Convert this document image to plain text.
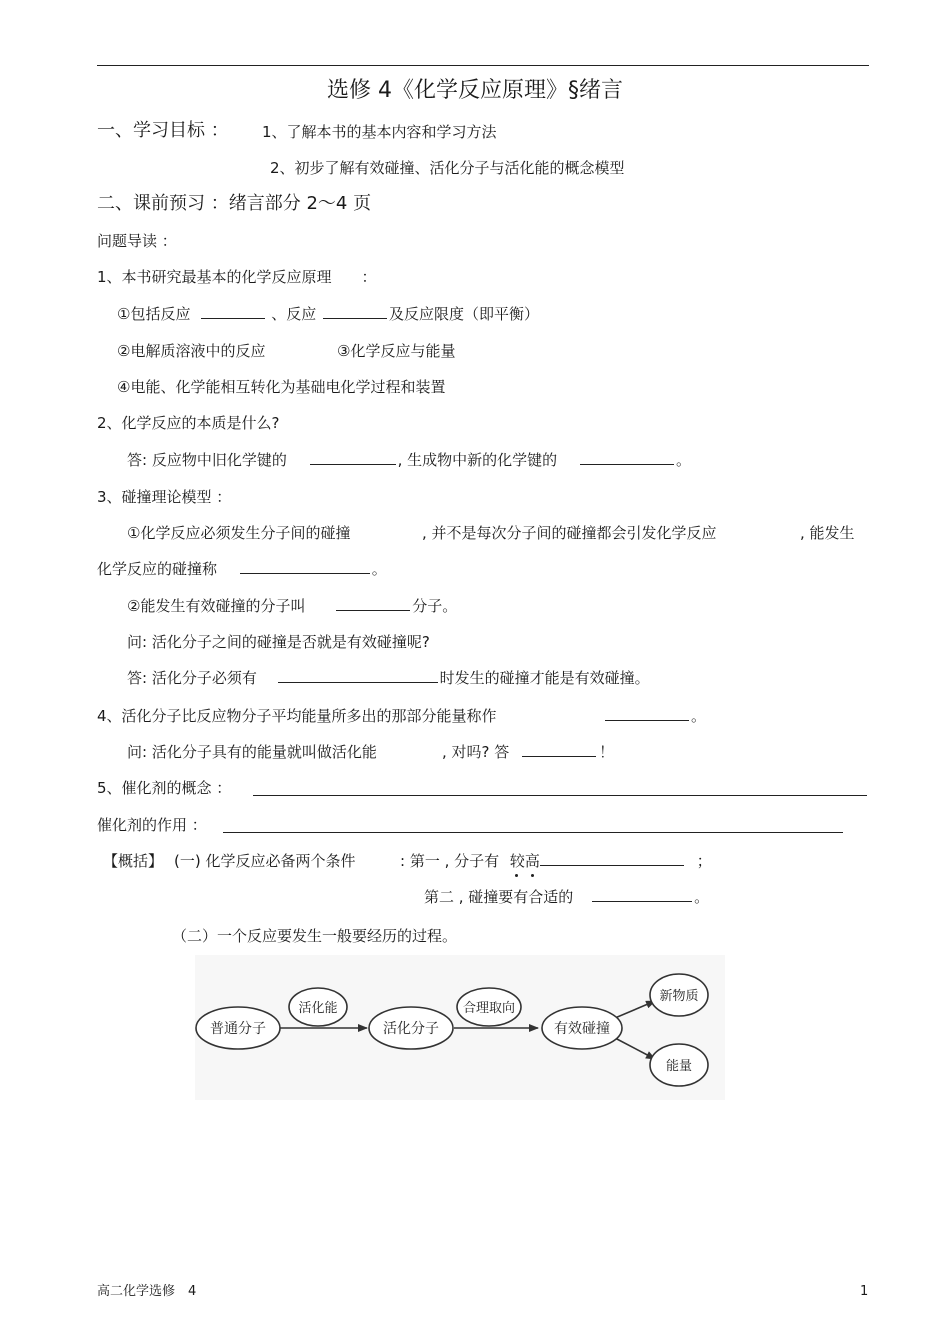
选修 4《化学反应原理》§绪言
一、学习目标 ： 1、了解本书的基本内容和学习方法
2、初步了解有效碰撞、活化分子与活化能的概念模型
二、课前预习 ：绪言部分 2～4 页
问题导读 ：
1、本书研究最基本的化学反应原理　　：
①包括反应	、反应	及反应限度（即平衡）
②电解质溶液中的反应	③化学反应与能量
④电能、化学能相互转化为基础电化学过程和装置
2、化学反应的本质是什么?
答: 反应物中旧化学键的	, 生成物中新的化学键的	。
3、碰撞理论模型 ：
①化学反应必须发生分子间的碰撞	, 并不是每次分子间的碰撞都会引发化学反应	, 能发生
化学反应的碰撞称	。
②能发生有效碰撞的分子叫	分子。
问: 活化分子之间的碰撞是否就是有效碰撞呢?
答: 活化分子必须有	时发生的碰撞才能是有效碰撞。
4、活化分子比反应物分子平均能量所多出的那部分能量称作	。
问: 活化分子具有的能量就叫做活化能	, 对吗? 答	！
5、催化剂的概念 ：
催化剂的作用 ：
【概括】 (一) 化学反应必备两个条件	: 第一 , 分子有 较高	；
第二 , 碰撞要有合适的	。
（二）一个反应要发生一般要经历的过程。
普通分子
活化能
活化分子
合理取向
有效碰撞
新物质
能量
高二化学选修　4	1
